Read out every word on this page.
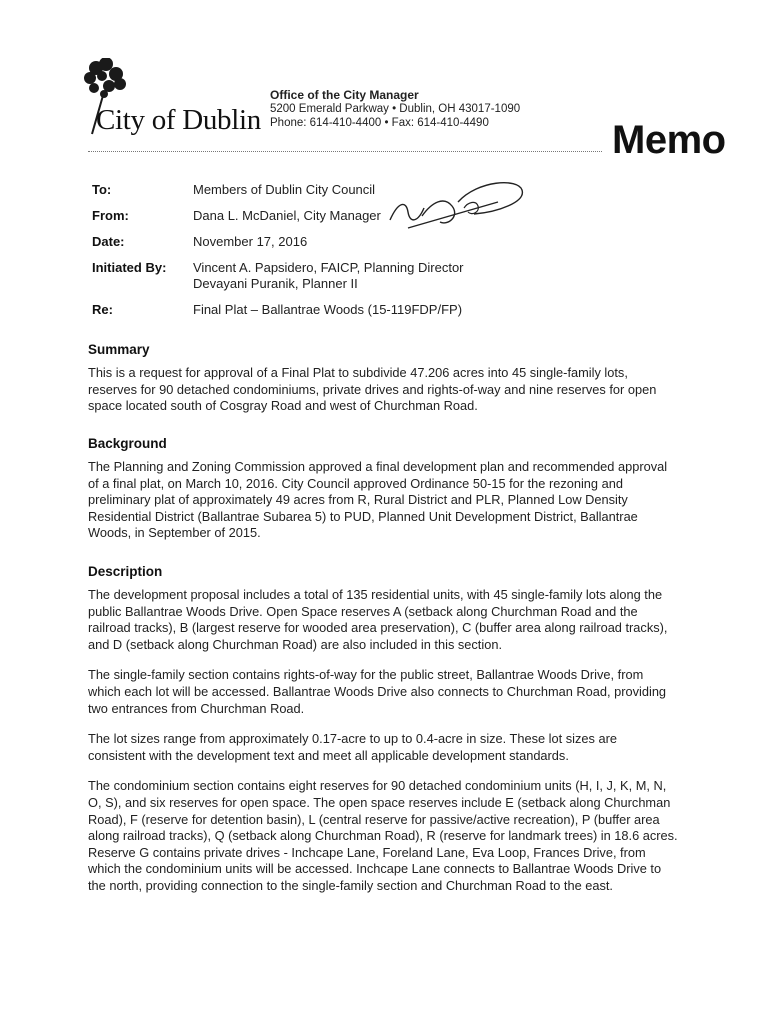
City of Dublin
Office of the City Manager
5200 Emerald Parkway • Dublin, OH 43017-1090
Phone: 614-410-4400 • Fax: 614-410-4490	Memo
To:	Members of Dublin City Council
From:	Dana L. McDaniel, City Manager
Date:	November 17, 2016
Initiated By: Vincent A. Papsidero, FAICP, Planning Director
Devayani Puranik, Planner II
Re:	Final Plat – Ballantrae Woods (15-119FDP/FP)
Summary

This is a request for approval of a Final Plat to subdivide 47.206 acres into 45 single-family lots, reserves for 90 detached condominiums, private drives and rights-of-way and nine reserves for open space located south of Cosgray Road and west of Churchman Road.

Background

The Planning and Zoning Commission approved a final development plan and recommended approval of a final plat, on March 10, 2016. City Council approved Ordinance 50-15 for the rezoning and preliminary plat of approximately 49 acres from R, Rural District and PLR, Planned Low Density Residential District (Ballantrae Subarea 5) to PUD, Planned Unit Development District, Ballantrae Woods, in September of 2015.

Description

The development proposal includes a total of 135 residential units, with 45 single-family lots along the public Ballantrae Woods Drive. Open Space reserves A (setback along Churchman Road and the railroad tracks), B (largest reserve for wooded area preservation), C (buffer area along railroad tracks), and D (setback along Churchman Road) are also included in this section.

The single-family section contains rights-of-way for the public street, Ballantrae Woods Drive, from which each lot will be accessed. Ballantrae Woods Drive also connects to Churchman Road, providing two entrances from Churchman Road.

The lot sizes range from approximately 0.17-acre to up to 0.4-acre in size. These lot sizes are consistent with the development text and meet all applicable development standards.

The condominium section contains eight reserves for 90 detached condominium units (H, I, J, K, M, N, O, S), and six reserves for open space. The open space reserves include E (setback along Churchman Road), F (reserve for detention basin), L (central reserve for passive/active recreation), P (buffer area along railroad tracks), Q (setback along Churchman Road), R (reserve for landmark trees) in 18.6 acres. Reserve G contains private drives - Inchcape Lane, Foreland Lane, Eva Loop, Frances Drive, from which the condominium units will be accessed. Inchcape Lane connects to Ballantrae Woods Drive to the north, providing connection to the single-family section and Churchman Road to the east.
